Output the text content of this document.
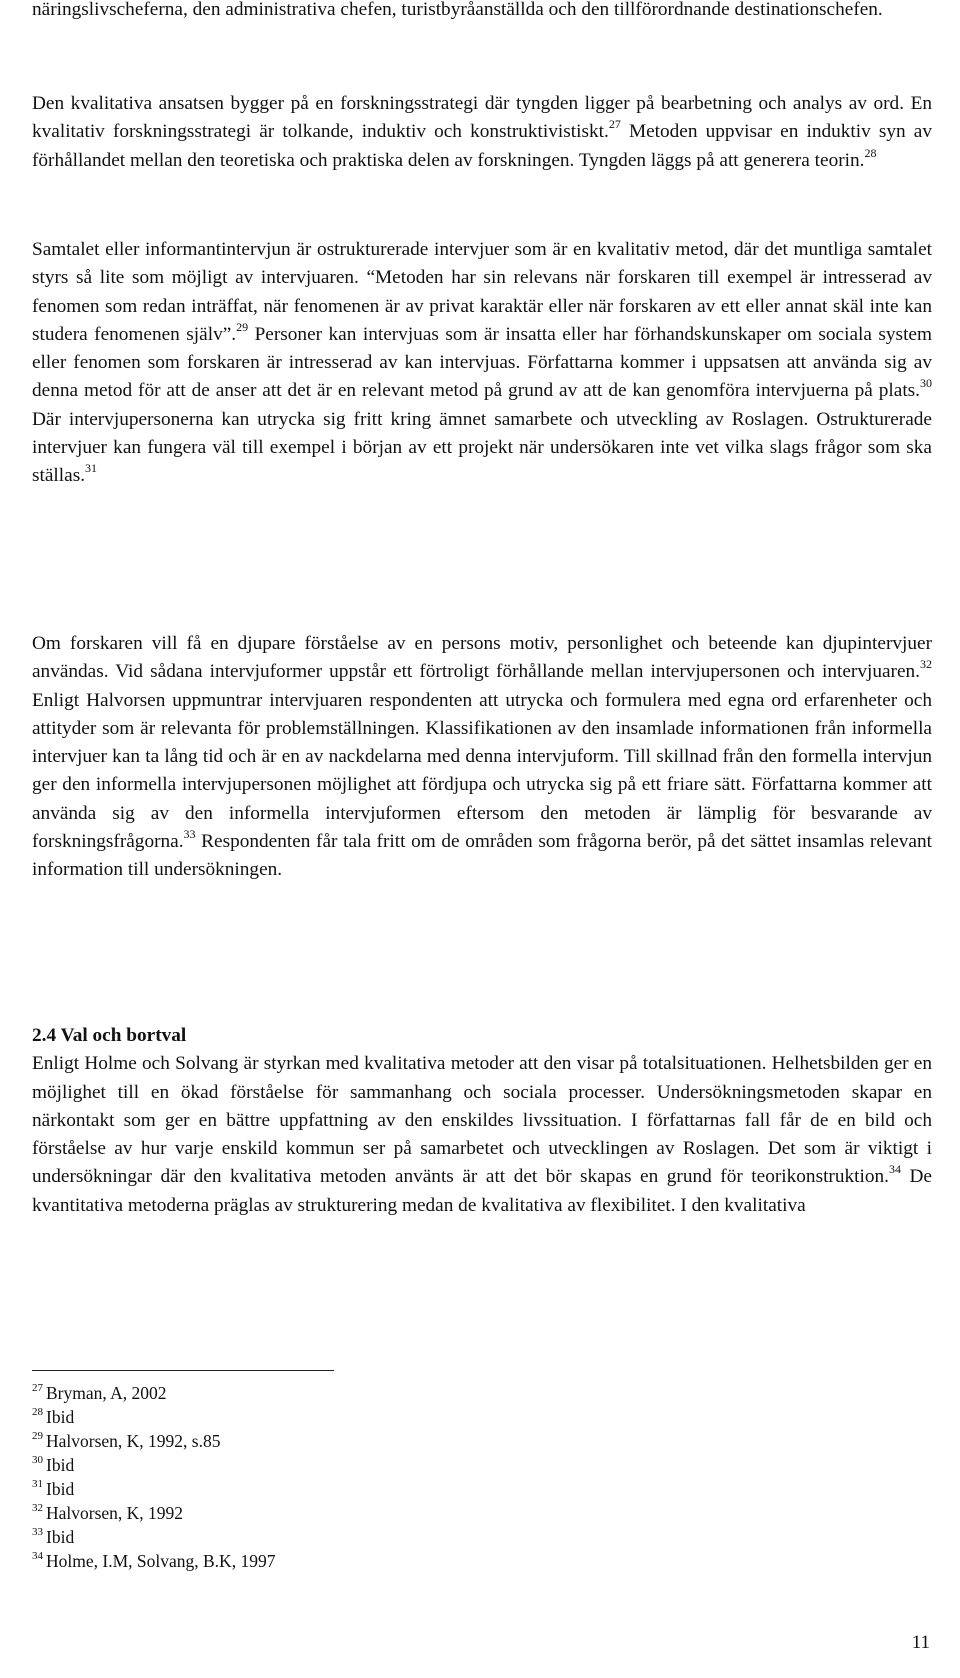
näringslivscheferna, den administrativa chefen, turistbyråanställda och den tillförordnande destinationschefen.

Den kvalitativa ansatsen bygger på en forskningsstrategi där tyngden ligger på bearbetning och analys av ord. En kvalitativ forskningsstrategi är tolkande, induktiv och konstruktivistiskt.$^{27}$ Metoden uppvisar en induktiv syn av förhållandet mellan den teoretiska och praktiska delen av forskningen. Tyngden läggs på att generera teorin.$^{28}$

Samtalet eller informantintervjun är ostrukturerade intervjuer som är en kvalitativ metod, där det muntliga samtalet styrs så lite som möjligt av intervjuaren. “Metoden har sin relevans när forskaren till exempel är intresserad av fenomen som redan inträffat, när fenomenen är av privat karaktär eller när forskaren av ett eller annat skäl inte kan studera fenomenen själv”.$^{29}$ Personer kan intervjuas som är insatta eller har förhandskunskaper om sociala system eller fenomen som forskaren är intresserad av kan intervjuas. Författarna kommer i uppsatsen att använda sig av denna metod för att de anser att det är en relevant metod på grund av att de kan genomföra intervjuerna på plats.$^{30}$ Där intervjupersonerna kan utrycka sig fritt kring ämnet samarbete och utveckling av Roslagen. Ostrukturerade intervjuer kan fungera väl till exempel i början av ett projekt när undersökaren inte vet vilka slags frågor som ska ställas.$^{31}$

Om forskaren vill få en djupare förståelse av en persons motiv, personlighet och beteende kan djupintervjuer användas. Vid sådana intervjuformer uppstår ett förtroligt förhållande mellan intervjupersonen och intervjuaren.$^{32}$ Enligt Halvorsen uppmuntrar intervjuaren respondenten att utrycka och formulera med egna ord erfarenheter och attityder som är relevanta för problemställningen. Klassifikationen av den insamlade informationen från informella intervjuer kan ta lång tid och är en av nackdelarna med denna intervjuform. Till skillnad från den formella intervjun ger den informella intervjupersonen möjlighet att fördjupa och utrycka sig på ett friare sätt. Författarna kommer att använda sig av den informella intervjuformen eftersom den metoden är lämplig för besvarande av forskningsfrågorna.$^{33}$ Respondenten får tala fritt om de områden som frågorna berör, på det sättet insamlas relevant information till undersökningen.

2.4 Val och bortval
Enligt Holme och Solvang är styrkan med kvalitativa metoder att den visar på totalsituationen. Helhetsbilden ger en möjlighet till en ökad förståelse för sammanhang och sociala processer. Undersökningsmetoden skapar en närkontakt som ger en bättre uppfattning av den enskildes livssituation. I författarnas fall får de en bild och förståelse av hur varje enskild kommun ser på samarbetet och utvecklingen av Roslagen. Det som är viktigt i undersökningar där den kvalitativa metoden använts är att det bör skapas en grund för teorikonstruktion.$^{34}$ De kvantitativa metoderna präglas av strukturering medan de kvalitativa av flexibilitet. I den kvalitativa

$^{27}$ Bryman, A, 2002
$^{28}$ Ibid
$^{29}$ Halvorsen, K, 1992, s.85
$^{30}$ Ibid
$^{31}$ Ibid
$^{32}$ Halvorsen, K, 1992
$^{33}$ Ibid
$^{34}$ Holme, I.M, Solvang, B.K, 1997
11
